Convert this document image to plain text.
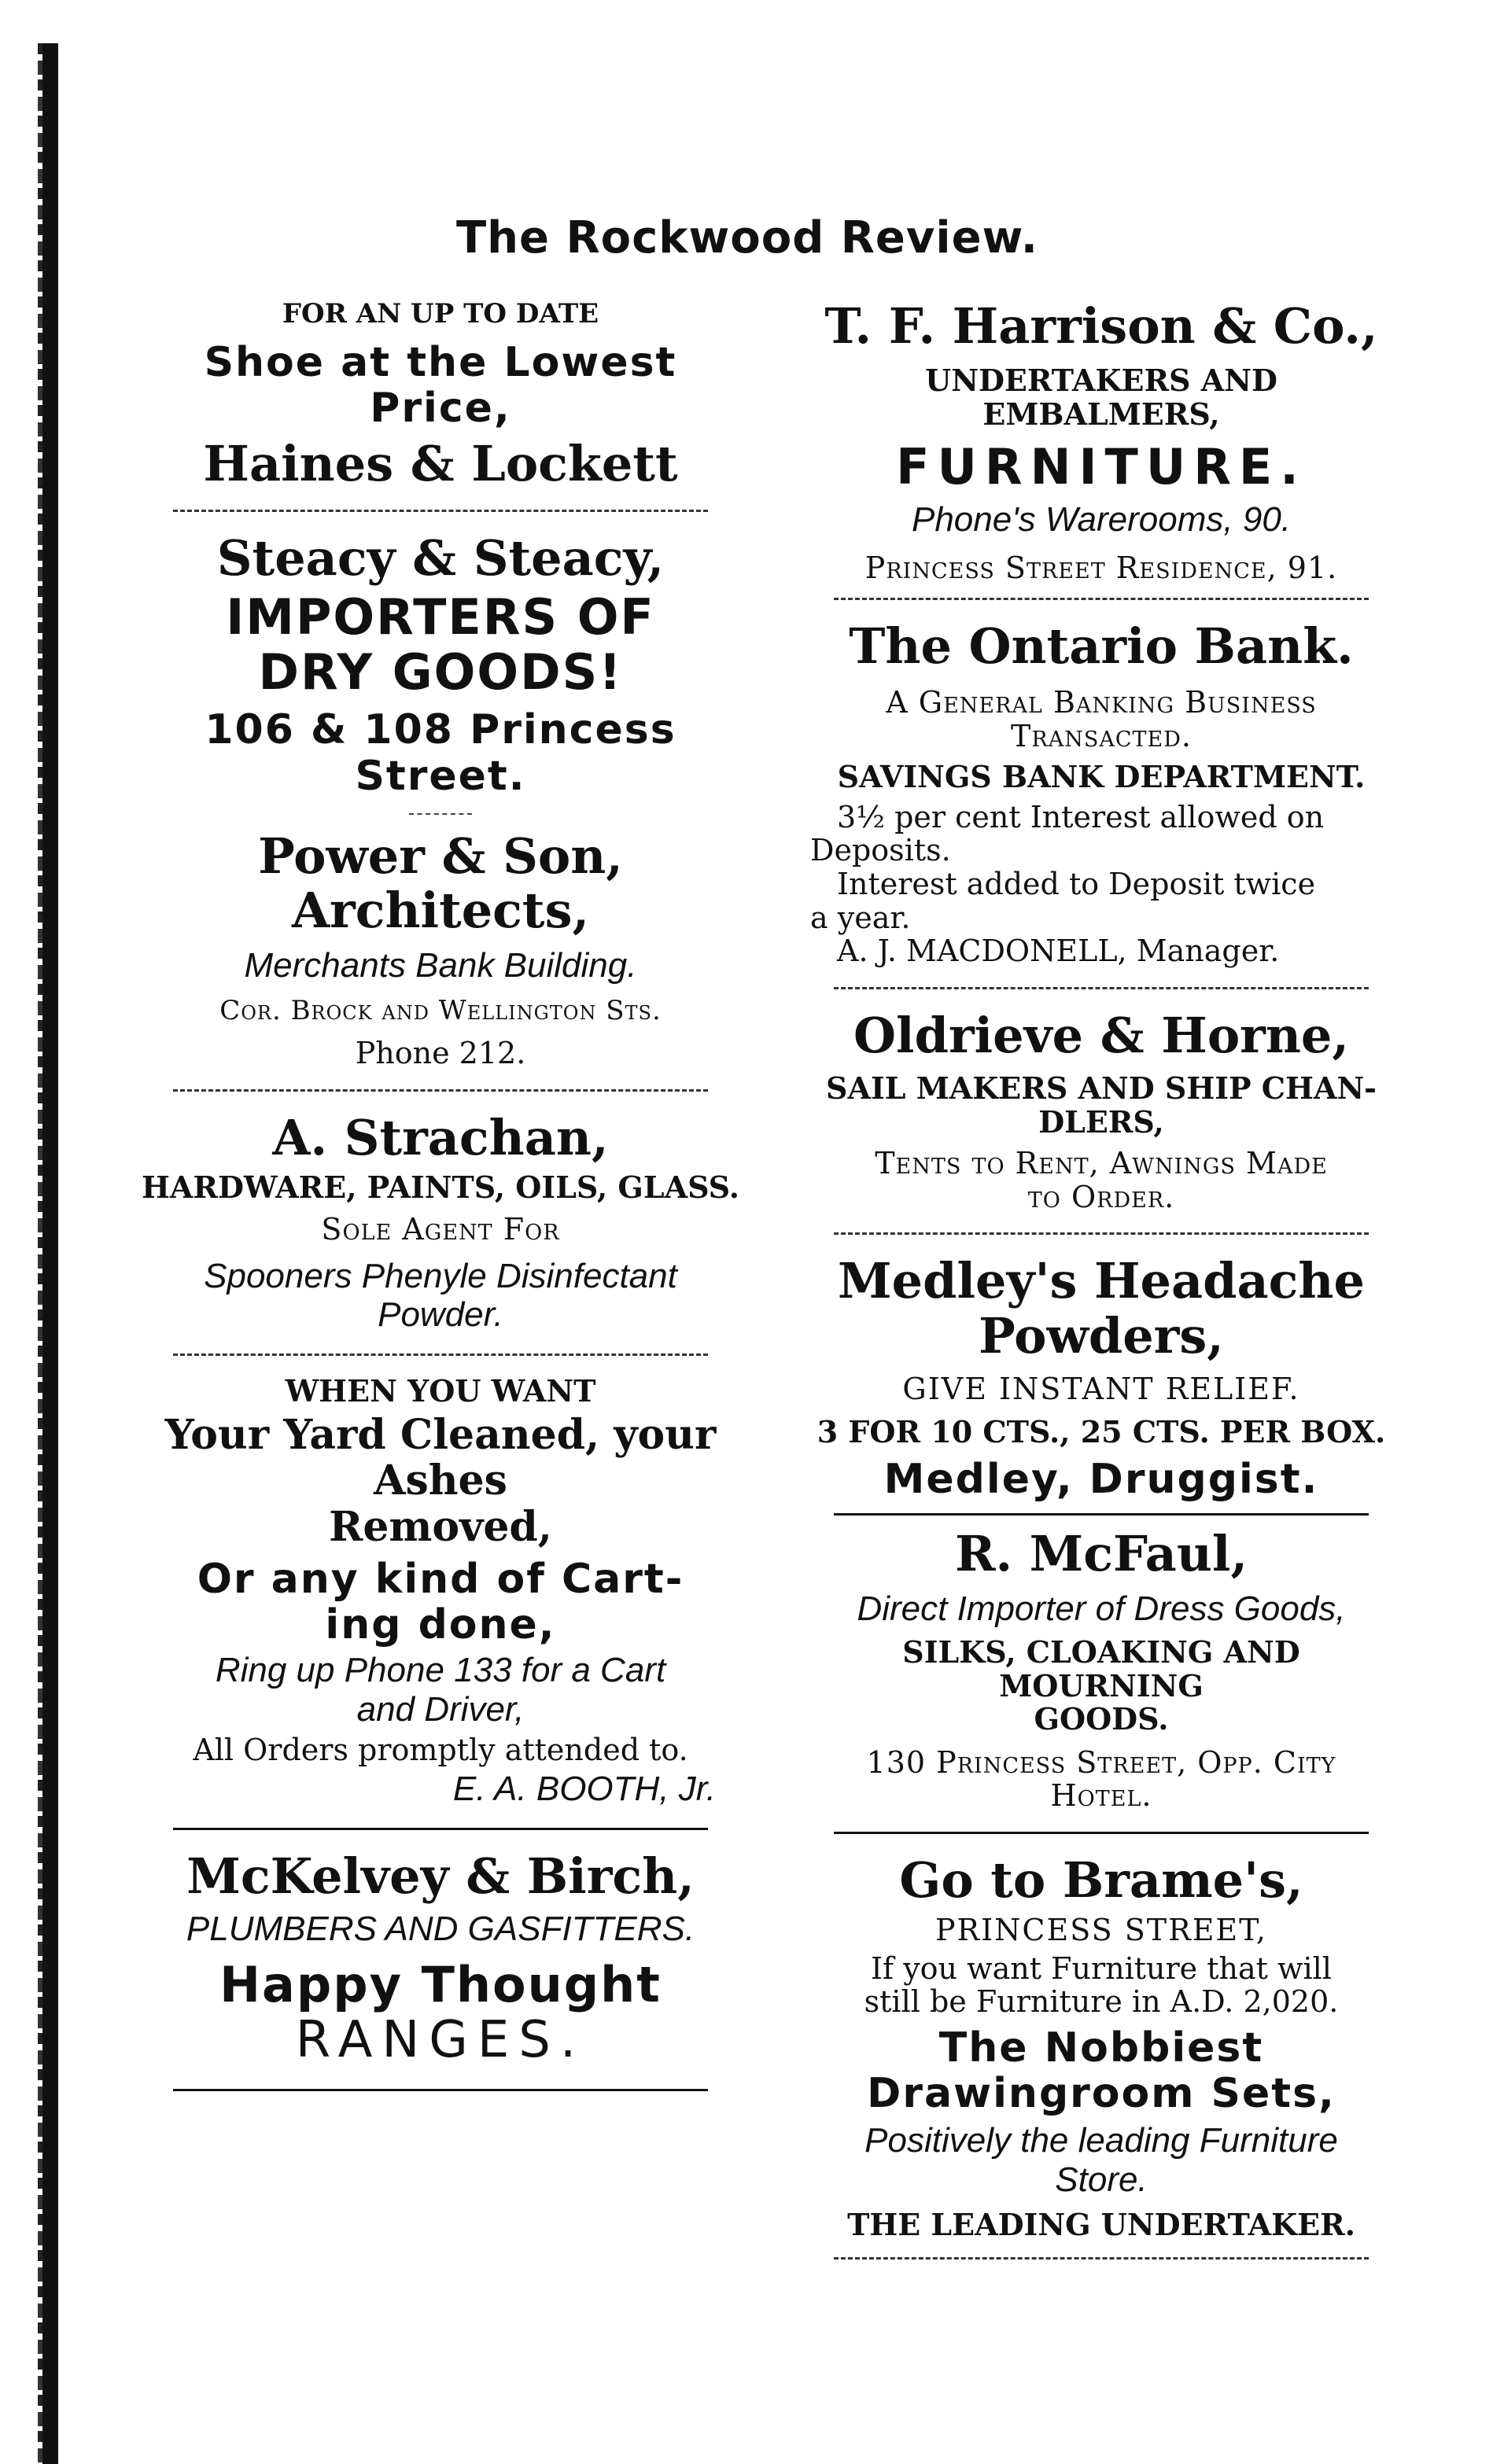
The Rockwood Review.
FOR AN UP TO DATE
Shoe at the Lowest
Price,
Haines & Lockett
Steacy & Steacy,
IMPORTERS OF
DRY GOODS!
106 & 108 Princess
Street.
Power & Son, Architects,
Merchants Bank Building.
Cor. Brock and Wellington Sts.
Phone 212.
A. Strachan,
HARDWARE, PAINTS, OILS, GLASS.
Sole Agent For
Spooners Phenyle Disinfectant
Powder.
WHEN YOU WANT
Your Yard Cleaned, your Ashes
Removed,
Or any kind of Cart-
ing done,
Ring up Phone 133 for a Cart
and Driver,
All Orders promptly attended to.
E. A. BOOTH, Jr.
McKelvey & Birch,
PLUMBERS AND GASFITTERS.
Happy Thought
RANGES.
T. F. Harrison & Co.,
UNDERTAKERS AND EMBALMERS,
FURNITURE.
Phone's Warerooms, 90.
Princess Street Residence, 91.
The Ontario Bank.
A General Banking Business
Transacted.
SAVINGS BANK DEPARTMENT.
3½ per cent Interest allowed on
Deposits.
Interest added to Deposit twice
a year.
A. J. MACDONELL, Manager.
Oldrieve & Horne,
SAIL MAKERS AND SHIP CHAN-
DLERS,
Tents to Rent, Awnings Made
to Order.
Medley's Headache Powders,
GIVE INSTANT RELIEF.
3 FOR 10 CTS., 25 CTS. PER BOX.
Medley, Druggist.
R. McFaul,
Direct Importer of Dress Goods,
SILKS, CLOAKING AND MOURNING
GOODS.
130 Princess Street, Opp. City
Hotel.
Go to Brame's,
PRINCESS STREET,
If you want Furniture that will
still be Furniture in A.D. 2,020.
The Nobbiest
Drawingroom Sets,
Positively the leading Furniture
Store.
THE LEADING UNDERTAKER.
